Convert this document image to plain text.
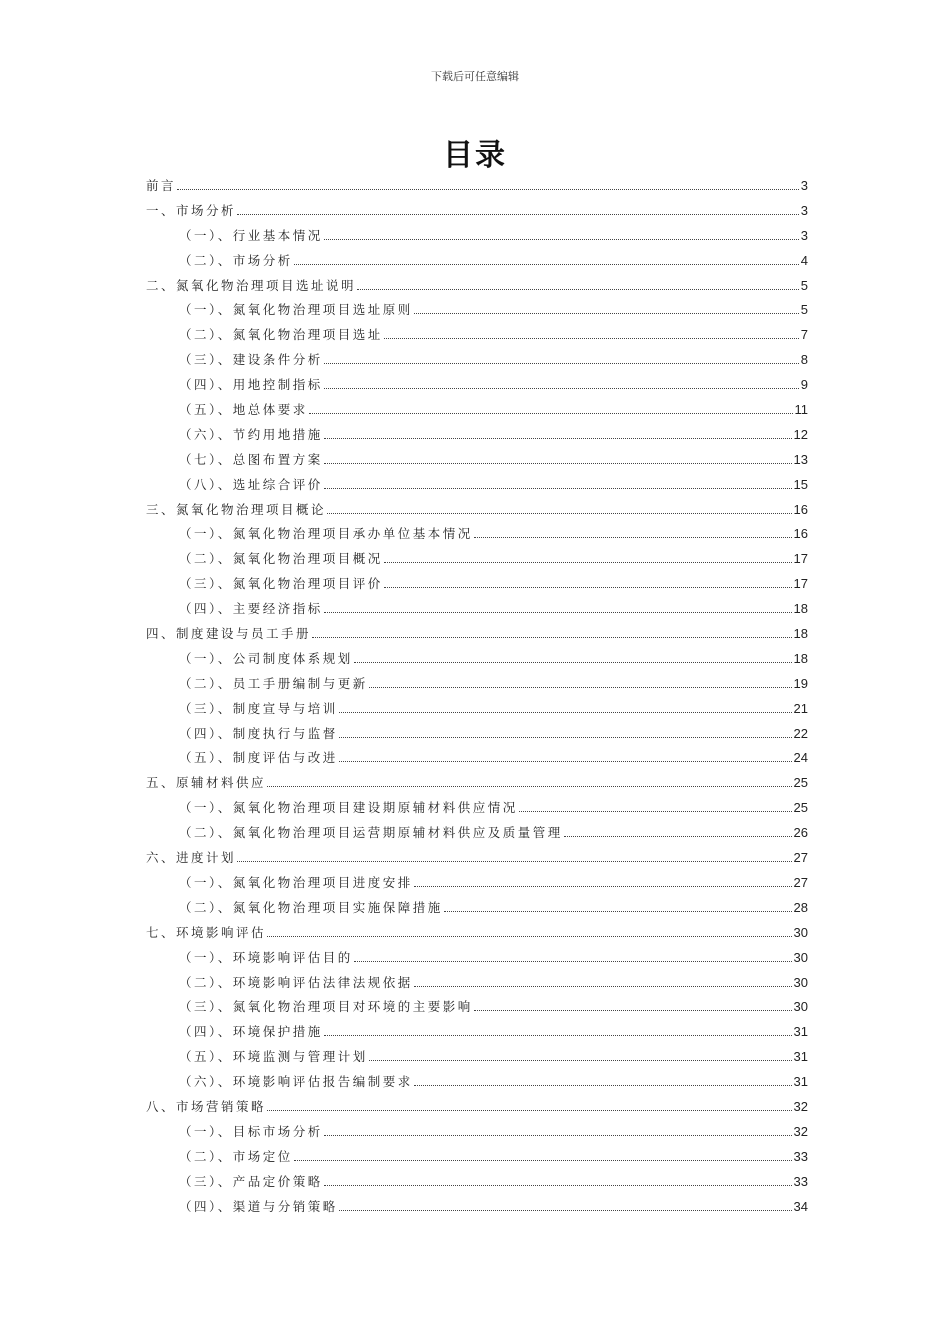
下载后可任意编辑
目录
前言	3
一、市场分析	3
（一）、行业基本情况	3
（二）、市场分析	4
二、氮氧化物治理项目选址说明	5
（一）、氮氧化物治理项目选址原则	5
（二）、氮氧化物治理项目选址	7
（三）、建设条件分析	8
（四）、用地控制指标	9
（五）、地总体要求	11
（六）、节约用地措施	12
（七）、总图布置方案	13
（八）、选址综合评价	15
三、氮氧化物治理项目概论	16
（一）、氮氧化物治理项目承办单位基本情况	16
（二）、氮氧化物治理项目概况	17
（三）、氮氧化物治理项目评价	17
（四）、主要经济指标	18
四、制度建设与员工手册	18
（一）、公司制度体系规划	18
（二）、员工手册编制与更新	19
（三）、制度宣导与培训	21
（四）、制度执行与监督	22
（五）、制度评估与改进	24
五、原辅材料供应	25
（一）、氮氧化物治理项目建设期原辅材料供应情况	25
（二）、氮氧化物治理项目运营期原辅材料供应及质量管理	26
六、进度计划	27
（一）、氮氧化物治理项目进度安排	27
（二）、氮氧化物治理项目实施保障措施	28
七、环境影响评估	30
（一）、环境影响评估目的	30
（二）、环境影响评估法律法规依据	30
（三）、氮氧化物治理项目对环境的主要影响	30
（四）、环境保护措施	31
（五）、环境监测与管理计划	31
（六）、环境影响评估报告编制要求	31
八、市场营销策略	32
（一）、目标市场分析	32
（二）、市场定位	33
（三）、产品定价策略	33
（四）、渠道与分销策略	34
